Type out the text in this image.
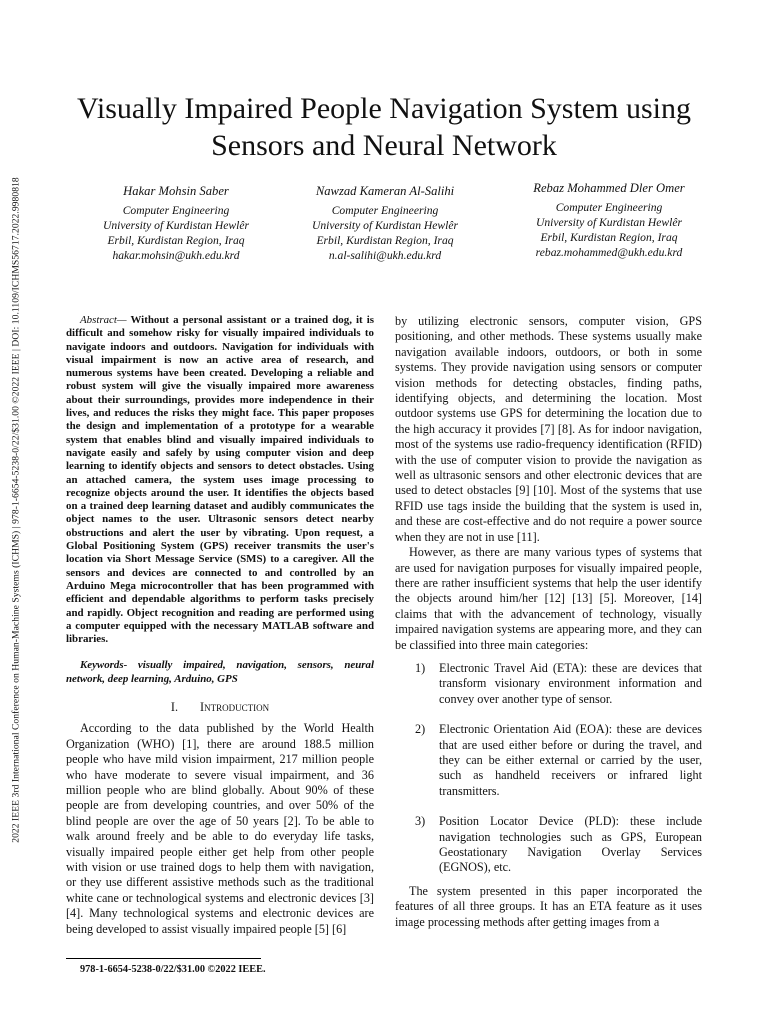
2022 IEEE 3rd International Conference on Human-Machine Systems (ICHMS) | 978-1-6654-5238-0/22/$31.00 ©2022 IEEE | DOI: 10.1109/ICHMS56717.2022.9980818
Visually Impaired People Navigation System using Sensors and Neural Network
Hakar Mohsin Saber
Computer Engineering
University of Kurdistan Hewlêr
Erbil, Kurdistan Region, Iraq
hakar.mohsin@ukh.edu.krd
Nawzad Kameran Al-Salihi
Computer Engineering
University of Kurdistan Hewlêr
Erbil, Kurdistan Region, Iraq
n.al-salihi@ukh.edu.krd
Rebaz Mohammed Dler Omer
Computer Engineering
University of Kurdistan Hewlêr
Erbil, Kurdistan Region, Iraq
rebaz.mohammed@ukh.edu.krd

Abstract— Without a personal assistant or a trained dog, it is difficult and somehow risky for visually impaired individuals to navigate indoors and outdoors. Navigation for individuals with visual impairment is now an active area of research, and numerous systems have been created. Developing a reliable and robust system will give the visually impaired more awareness about their surroundings, provides more independence in their lives, and reduces the risks they might face. This paper proposes the design and implementation of a prototype for a wearable system that enables blind and visually impaired individuals to navigate easily and safely by using computer vision and deep learning to identify objects and sensors to detect obstacles. Using an attached camera, the system uses image processing to recognize objects around the user. It identifies the objects based on a trained deep learning dataset and audibly communicates the object names to the user. Ultrasonic sensors detect nearby obstructions and alert the user by vibrating. Upon request, a Global Positioning System (GPS) receiver transmits the user's location via Short Message Service (SMS) to a caregiver. All the sensors and devices are connected to and controlled by an Arduino Mega microcontroller that has been programmed with efficient and dependable algorithms to perform tasks precisely and rapidly. Object recognition and reading are performed using a computer equipped with the necessary MATLAB software and libraries.

Keywords- visually impaired, navigation, sensors, neural network, deep learning, Arduino, GPS

I. Introduction

According to the data published by the World Health Organization (WHO) [1], there are around 188.5 million people who have mild vision impairment, 217 million people who have moderate to severe visual impairment, and 36 million people who are blind globally. About 90% of these people are from developing countries, and over 50% of the blind people are over the age of 50 years [2]. To be able to walk around freely and be able to do everyday life tasks, visually impaired people either get help from other people with vision or use trained dogs to help them with navigation, or they use different assistive methods such as the traditional white cane or technological systems and electronic devices [3] [4]. Many technological systems and electronic devices are being developed to assist visually impaired people [5] [6]

by utilizing electronic sensors, computer vision, GPS positioning, and other methods. These systems usually make navigation available indoors, outdoors, or both in some systems. They provide navigation using sensors or computer vision methods for detecting obstacles, finding paths, identifying objects, and determining the location. Most outdoor systems use GPS for determining the location due to the high accuracy it provides [7] [8]. As for indoor navigation, most of the systems use radio-frequency identification (RFID) with the use of computer vision to provide the navigation as well as ultrasonic sensors and other electronic devices that are used to detect obstacles [9] [10]. Most of the systems that use RFID use tags inside the building that the system is used in, and these are cost-effective and do not require a power source when they are not in use [11].

However, as there are many various types of systems that are used for navigation purposes for visually impaired people, there are rather insufficient systems that help the user identify the objects around him/her [12] [13] [5]. Moreover, [14] claims that with the advancement of technology, visually impaired navigation systems are appearing more, and they can be classified into three main categories:

1) Electronic Travel Aid (ETA): these are devices that transform visionary environment information and convey over another type of sensor.
2) Electronic Orientation Aid (EOA): these are devices that are used either before or during the travel, and they can be either external or carried by the user, such as handheld receivers or infrared light transmitters.
3) Position Locator Device (PLD): these include navigation technologies such as GPS, European Geostationary Navigation Overlay Services (EGNOS), etc.

The system presented in this paper incorporated the features of all three groups. It has an ETA feature as it uses image processing methods after getting images from a

978-1-6654-5238-0/22/$31.00 ©2022 IEEE.
